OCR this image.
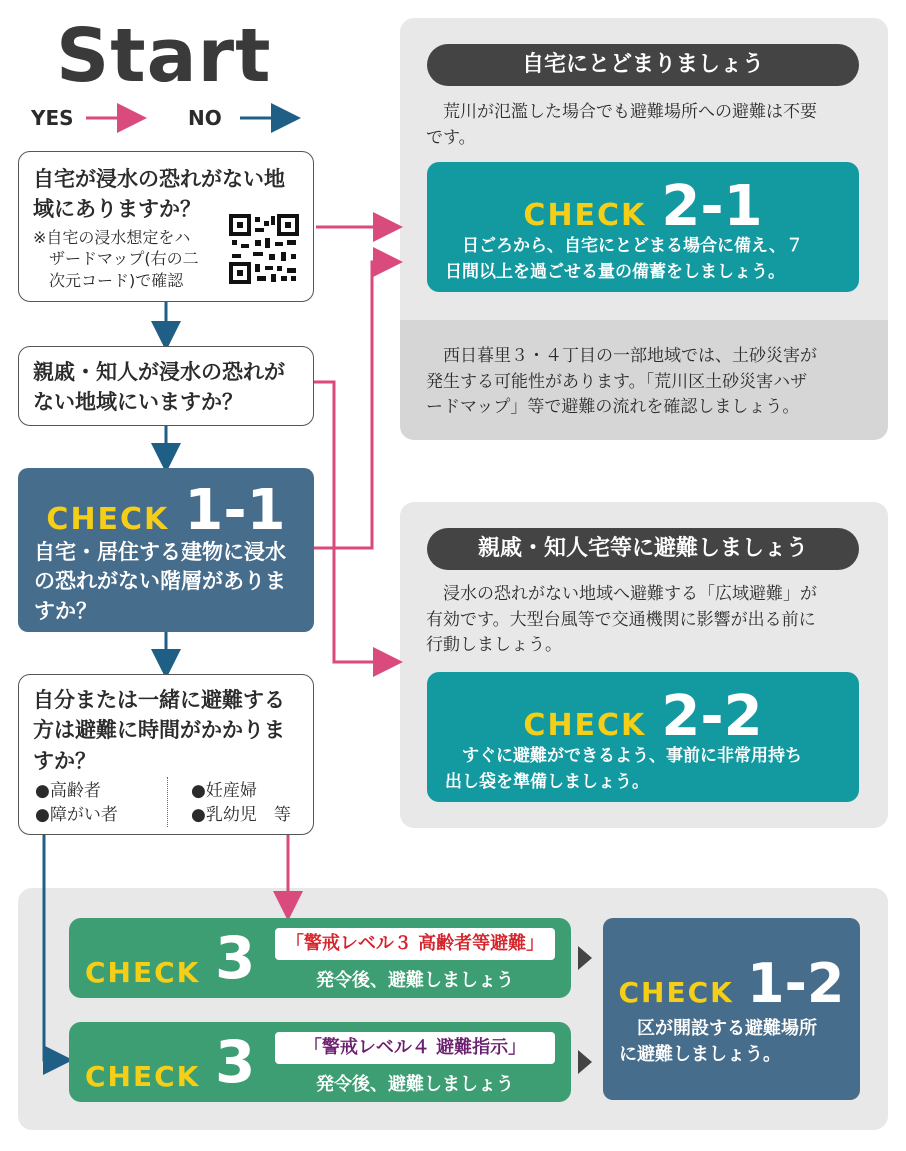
Start
YES	NO
自宅が浸水の恐れがない地
域にありますか？
※自宅の浸水想定をハ
　ザードマップ(右の二
　次元コード)で確認
親戚・知人が浸水の恐れが
ない地域にいますか？
CHECK 1-1
自宅・居住する建物に浸水
の恐れがない階層がありま
すか？
自分または一緒に避難する
方は避難に時間がかかりま
すか？
●高齢者	●妊産婦
●障がい者	●乳幼児　等
自宅にとどまりましょう
　荒川が氾濫した場合でも避難場所への避難は不要
です。
CHECK 2-1
　日ごろから、自宅にとどまる場合に備え、７
日間以上を過ごせる量の備蓄をしましょう。
　西日暮里３・４丁目の一部地域では、土砂災害が
発生する可能性があります。「荒川区土砂災害ハザ
ードマップ」等で避難の流れを確認しましょう。
親戚・知人宅等に避難しましょう
　浸水の恐れがない地域へ避難する「広域避難」が
有効です。大型台風等で交通機関に影響が出る前に
行動しましょう。
CHECK 2-2
　すぐに避難ができるよう、事前に非常用持ち
出し袋を準備しましょう。
CHECK 3	「警戒レベル３ 高齢者等避難」
発令後、避難しましょう
CHECK 3	「警戒レベル４ 避難指示」
発令後、避難しましょう
CHECK 1-2
　区が開設する避難場所
に避難しましょう。
